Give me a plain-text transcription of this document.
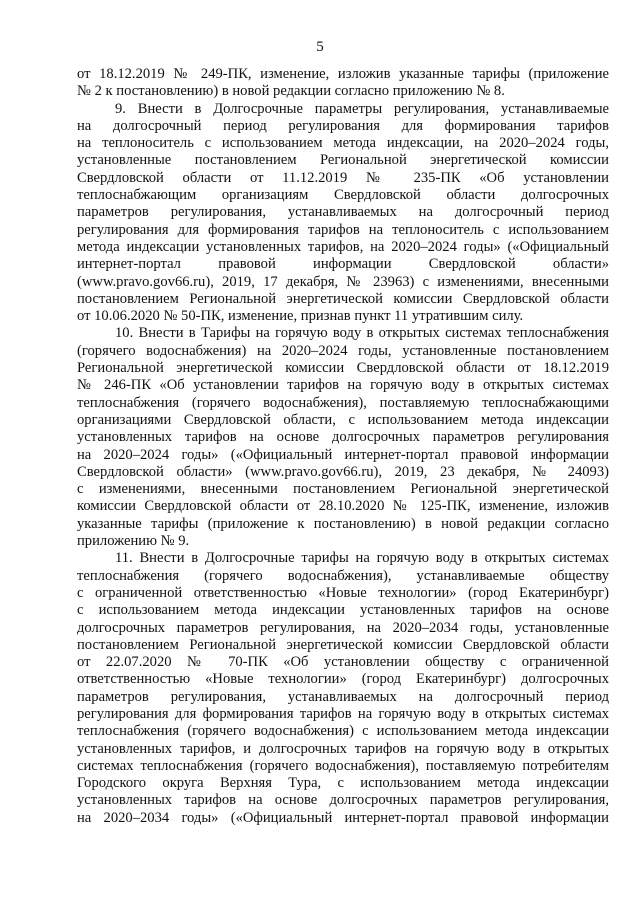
5

от 18.12.2019 № 249-ПК, изменение, изложив указанные тарифы (приложение

№ 2 к постановлению) в новой редакции согласно приложению № 8.

9. Внести в Долгосрочные параметры регулирования, устанавливаемые

на долгосрочный период регулирования для формирования тарифов

на теплоноситель с использованием метода индексации, на 2020–2024 годы,

установленные постановлением Региональной энергетической комиссии

Свердловской области от 11.12.2019 № 235-ПК «Об установлении

теплоснабжающим организациям Свердловской области долгосрочных

параметров регулирования, устанавливаемых на долгосрочный период

регулирования для формирования тарифов на теплоноситель с использованием

метода индексации установленных тарифов, на 2020–2024 годы» («Официальный

интернет-портал правовой информации Свердловской области»

(www.pravo.gov66.ru), 2019, 17 декабря, № 23963) с изменениями, внесенными

постановлением Региональной энергетической комиссии Свердловской области

от 10.06.2020 № 50-ПК, изменение, признав пункт 11 утратившим силу.

10. Внести в Тарифы на горячую воду в открытых системах теплоснабжения

(горячего водоснабжения) на 2020–2024 годы, установленные постановлением

Региональной энергетической комиссии Свердловской области от 18.12.2019

№ 246-ПК «Об установлении тарифов на горячую воду в открытых системах

теплоснабжения (горячего водоснабжения), поставляемую теплоснабжающими

организациями Свердловской области, с использованием метода индексации

установленных тарифов на основе долгосрочных параметров регулирования

на 2020–2024 годы» («Официальный интернет-портал правовой информации

Свердловской области» (www.pravo.gov66.ru), 2019, 23 декабря, № 24093)

с изменениями, внесенными постановлением Региональной энергетической

комиссии Свердловской области от 28.10.2020 № 125-ПК, изменение, изложив

указанные тарифы (приложение к постановлению) в новой редакции согласно

приложению № 9.

11. Внести в Долгосрочные тарифы на горячую воду в открытых системах

теплоснабжения (горячего водоснабжения), устанавливаемые обществу

с ограниченной ответственностью «Новые технологии» (город Екатеринбург)

с использованием метода индексации установленных тарифов на основе

долгосрочных параметров регулирования, на 2020–2034 годы, установленные

постановлением Региональной энергетической комиссии Свердловской области

от 22.07.2020 № 70-ПК «Об установлении обществу с ограниченной

ответственностью «Новые технологии» (город Екатеринбург) долгосрочных

параметров регулирования, устанавливаемых на долгосрочный период

регулирования для формирования тарифов на горячую воду в открытых системах

теплоснабжения (горячего водоснабжения) с использованием метода индексации

установленных тарифов, и долгосрочных тарифов на горячую воду в открытых

системах теплоснабжения (горячего водоснабжения), поставляемую потребителям

Городского округа Верхняя Тура, с использованием метода индексации

установленных тарифов на основе долгосрочных параметров регулирования,

на 2020–2034 годы» («Официальный интернет-портал правовой информации
